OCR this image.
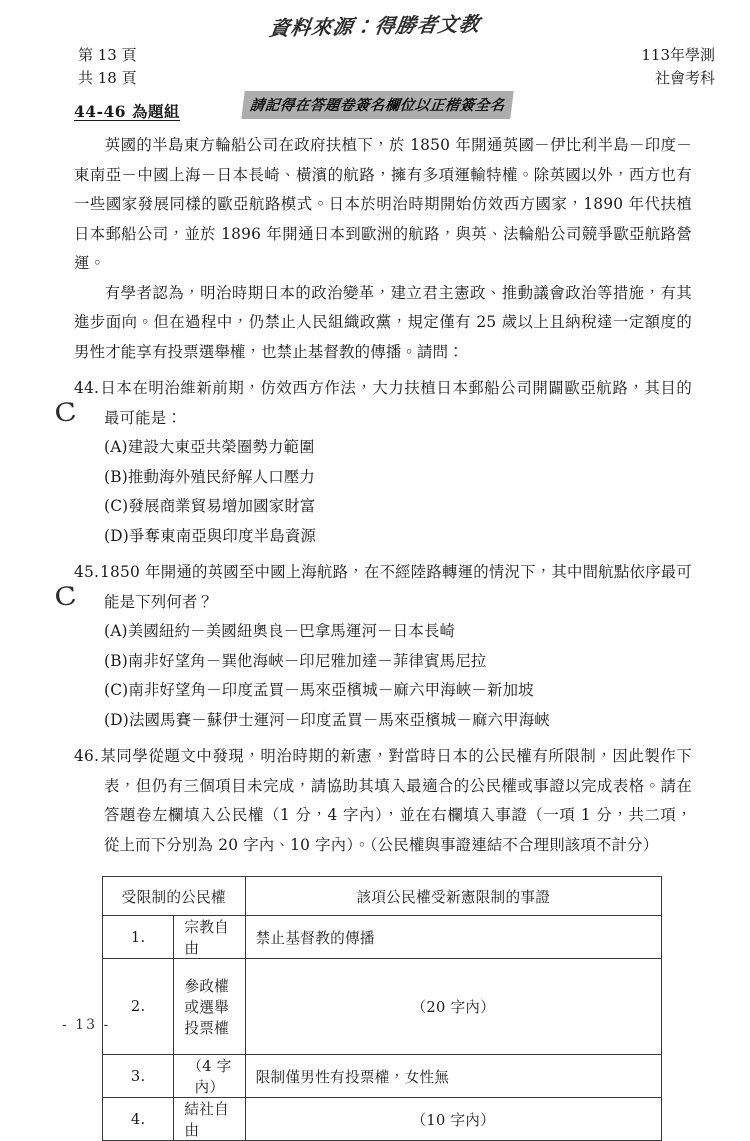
資料來源：得勝者文教
第 13 頁
共 18 頁
113年學測
社會考科
請記得在答題卷簽名欄位以正楷簽全名
44-46 為題組

英國的半島東方輪船公司在政府扶植下，於 1850 年開通英國－伊比利半島－印度－東南亞－中國上海－日本長崎、橫濱的航路，擁有多項運輸特權。除英國以外，西方也有一些國家發展同樣的歐亞航路模式。日本於明治時期開始仿效西方國家，1890 年代扶植日本郵船公司，並於 1896 年開通日本到歐洲的航路，與英、法輪船公司競爭歐亞航路營運。

有學者認為，明治時期日本的政治變革，建立君主憲政、推動議會政治等措施，有其進步面向。但在過程中，仍禁止人民組織政黨，規定僅有 25 歲以上且納稅達一定額度的男性才能享有投票選舉權，也禁止基督教的傳播。請問：

C

44.日本在明治維新前期，仿效西方作法，大力扶植日本郵船公司開闢歐亞航路，其目的最可能是：

(A)建設大東亞共榮圈勢力範圍
(B)推動海外殖民紓解人口壓力
(C)發展商業貿易增加國家財富
(D)爭奪東南亞與印度半島資源
C

45.1850 年開通的英國至中國上海航路，在不經陸路轉運的情況下，其中間航點依序最可能是下列何者？

(A)美國紐約－美國紐奧良－巴拿馬運河－日本長崎
(B)南非好望角－巽他海峽－印尼雅加達－菲律賓馬尼拉
(C)南非好望角－印度孟買－馬來亞檳城－麻六甲海峽－新加坡
(D)法國馬賽－蘇伊士運河－印度孟買－馬來亞檳城－麻六甲海峽

46.某同學從題文中發現，明治時期的新憲，對當時日本的公民權有所限制，因此製作下表，但仍有三個項目未完成，請協助其填入最適合的公民權或事證以完成表格。請在答題卷左欄填入公民權（1 分，4 字內），並在右欄填入事證（一項 1 分，共二項，從上而下分別為 20 字內、10 字內）。（公民權與事證連結不合理則該項不計分）

受限制的公民權		該項公民權受新憲限制的事證
1.	宗教自由	禁止基督教的傳播
2.	參政權或選舉投票權	（20 字內）
3.	（4 字內）	限制僅男性有投票權，女性無
4.	結社自由	（10 字內）
- 13 -
